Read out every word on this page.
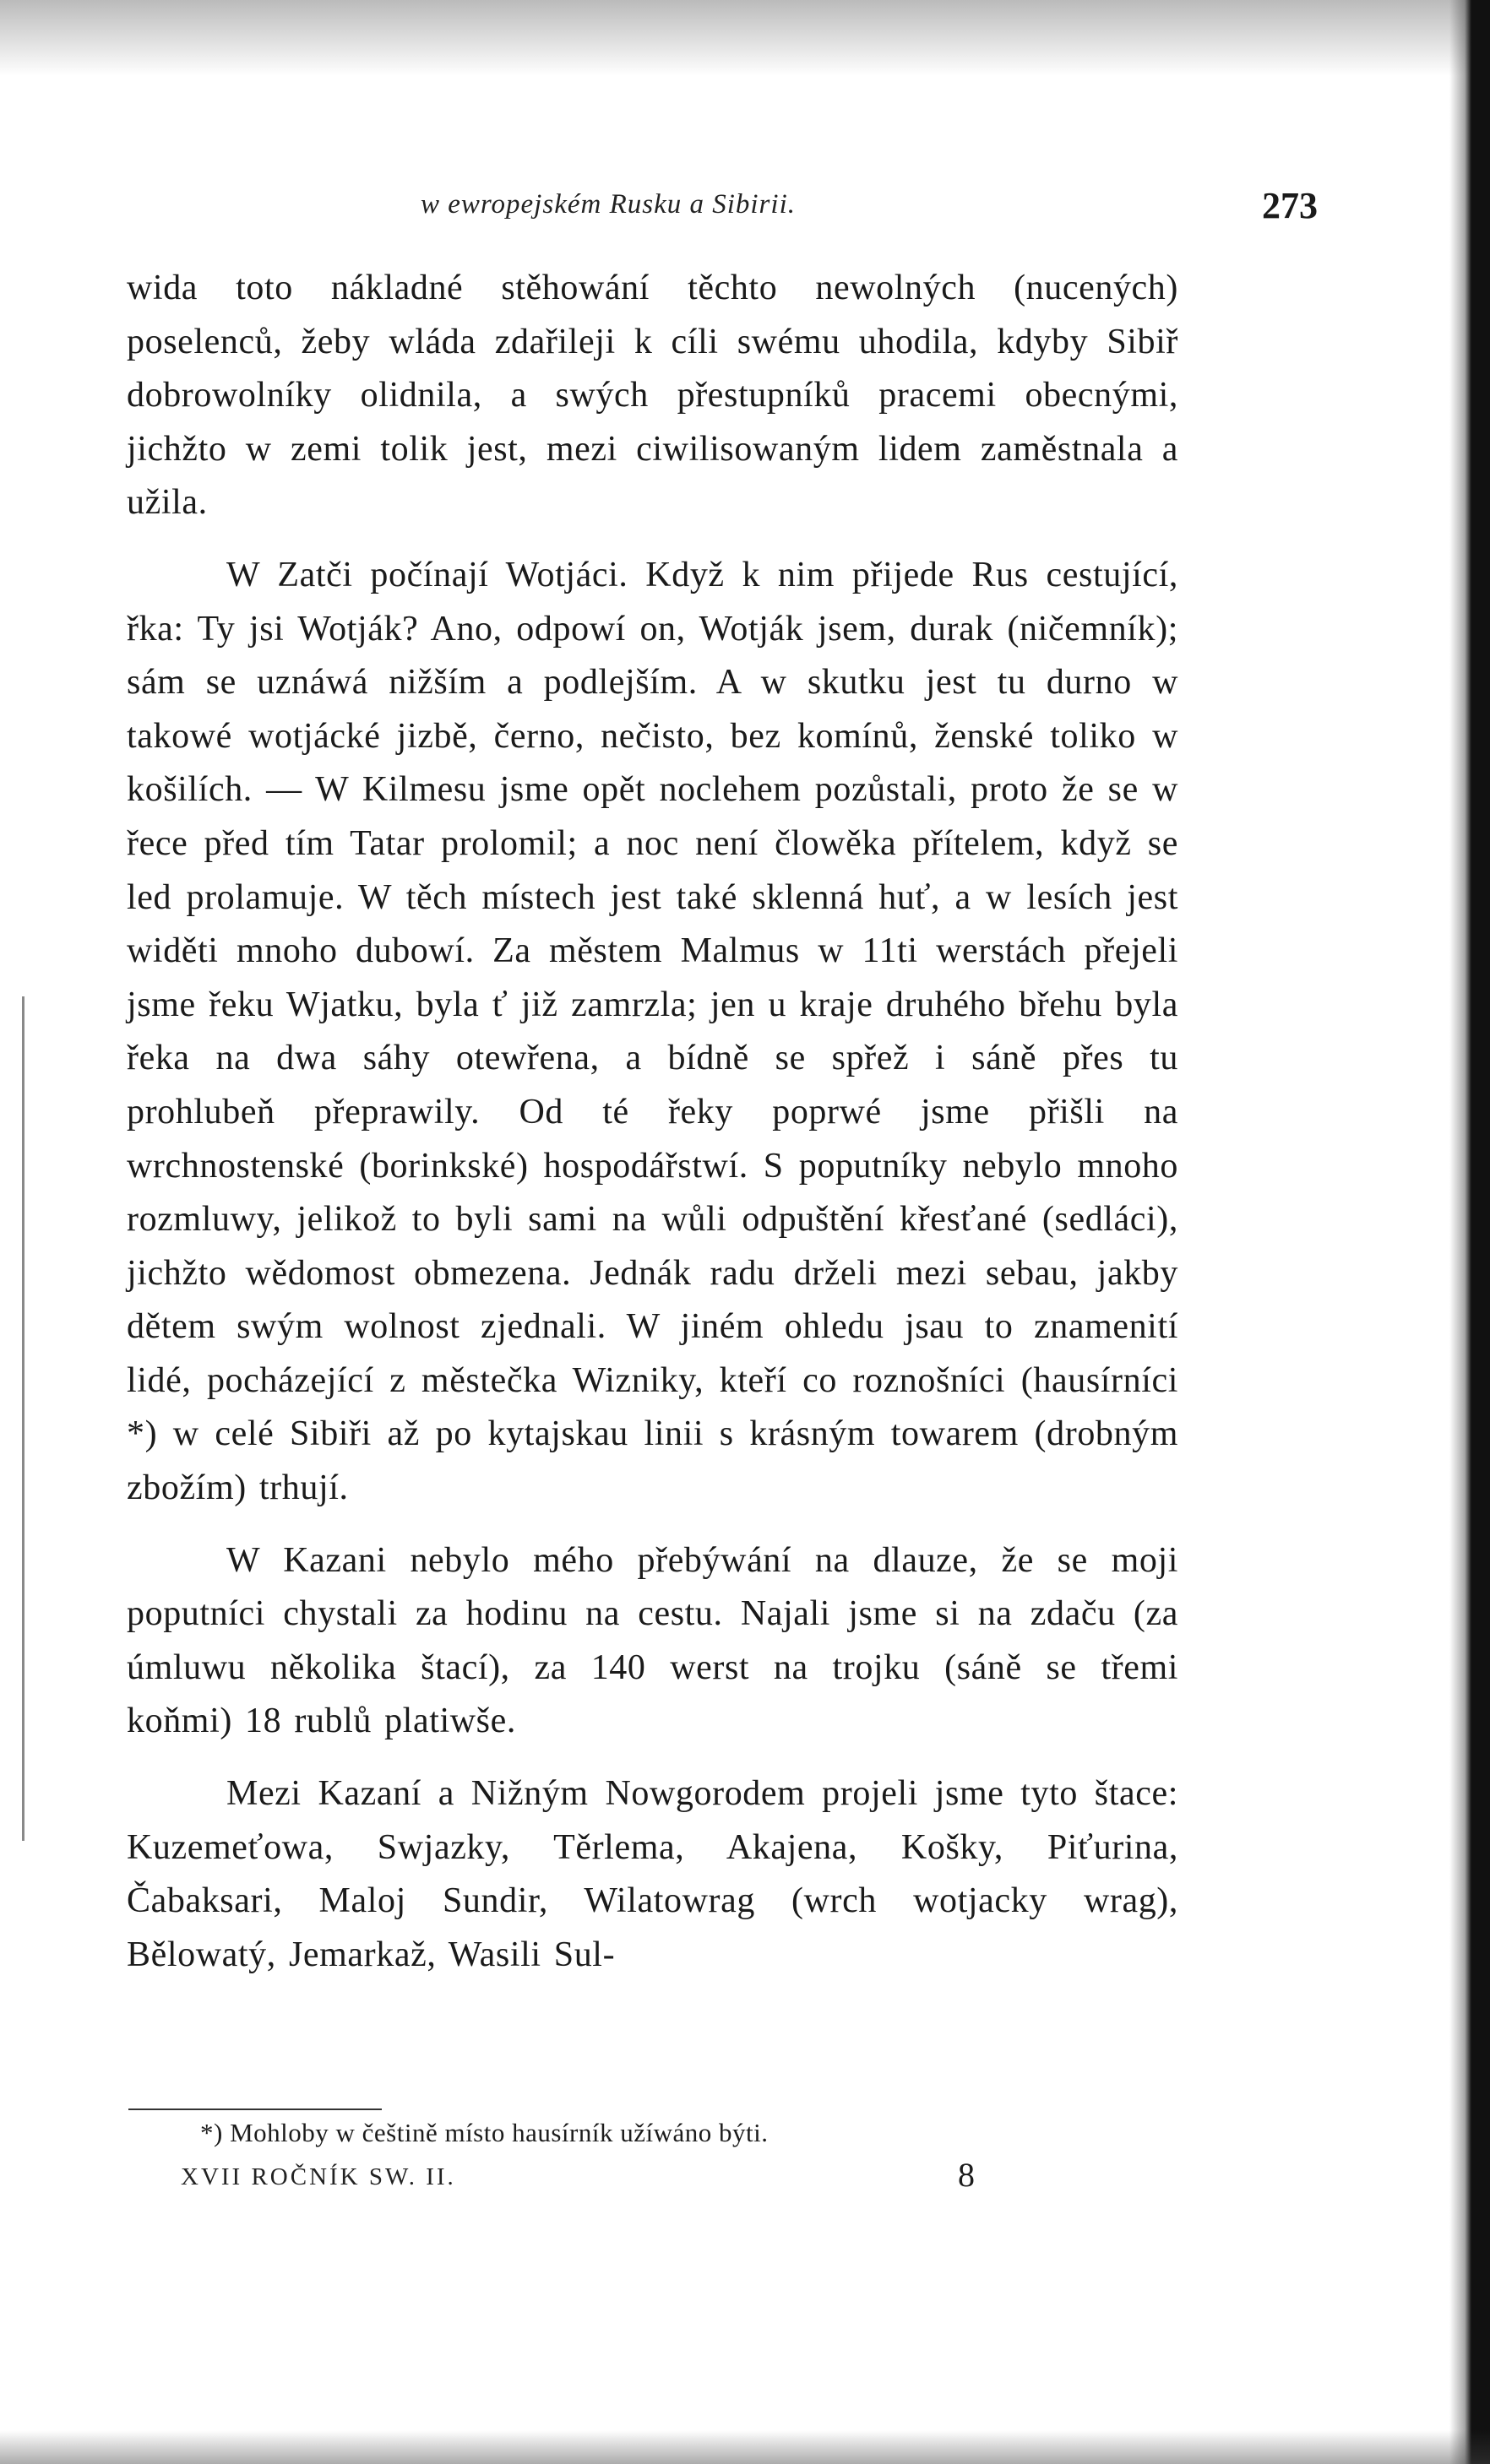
w ewropejském Rusku a Sibirii.	273

wida toto nákladné stěhowání těchto newolných (nucených) poselenců, žeby wláda zdařileji k cíli swému uhodila, kdyby Sibiř dobrowolníky olidnila, a swých přestupníků pracemi obecnými, jichžto w zemi tolik jest, mezi ciwilisowaným lidem zaměstnala a užila.

W Zatči počínají Wotjáci. Když k nim přijede Rus cestující, řka: Ty jsi Wotják? Ano, odpowí on, Wotják jsem, durak (ničemník); sám se uznáwá nižším a podlejším. A w skutku jest tu durno w takowé wotjácké jizbě, černo, nečisto, bez komínů, ženské toliko w košilích. — W Kilmesu jsme opět noclehem pozůstali, proto že se w řece před tím Tatar prolomil; a noc není člowěka přítelem, když se led prolamuje. W těch místech jest také sklenná huť, a w lesích jest widěti mnoho dubowí. Za městem Malmus w 11ti werstách přejeli jsme řeku Wjatku, byla ť již zamrzla; jen u kraje druhého břehu byla řeka na dwa sáhy otewřena, a bídně se spřež i sáně přes tu prohlubeň přeprawily. Od té řeky poprwé jsme přišli na wrchnostenské (borinkské) hospodářstwí. S poputníky nebylo mnoho rozmluwy, jelikož to byli sami na wůli odpuštění křesťané (sedláci), jichžto wědomost obmezena. Jednák radu drželi mezi sebau, jakby dětem swým wolnost zjednali. W jiném ohledu jsau to znamenití lidé, pocházející z městečka Wizniky, kteří co roznošníci (hausírníci *) w celé Sibiři až po kytajskau linii s krásným towarem (drobným zbožím) trhují.

W Kazani nebylo mého přebýwání na dlauze, že se moji poputníci chystali za hodinu na cestu. Najali jsme si na zdaču (za úmluwu několika štací), za 140 werst na trojku (sáně se třemi koňmi) 18 rublů platiwše.

Mezi Kazaní a Nižným Nowgorodem projeli jsme tyto štace: Kuzemeťowa, Swjazky, Těrlema, Akajena, Košky, Piťurina, Čabaksari, Maloj Sundir, Wilatowrag (wrch wotjacky wrag), Bělowatý, Jemarkaž, Wasili Sul-

*) Mohloby w češtině místo hausírník užíwáno býti.
XVII ROČNÍK SW. II.	8
